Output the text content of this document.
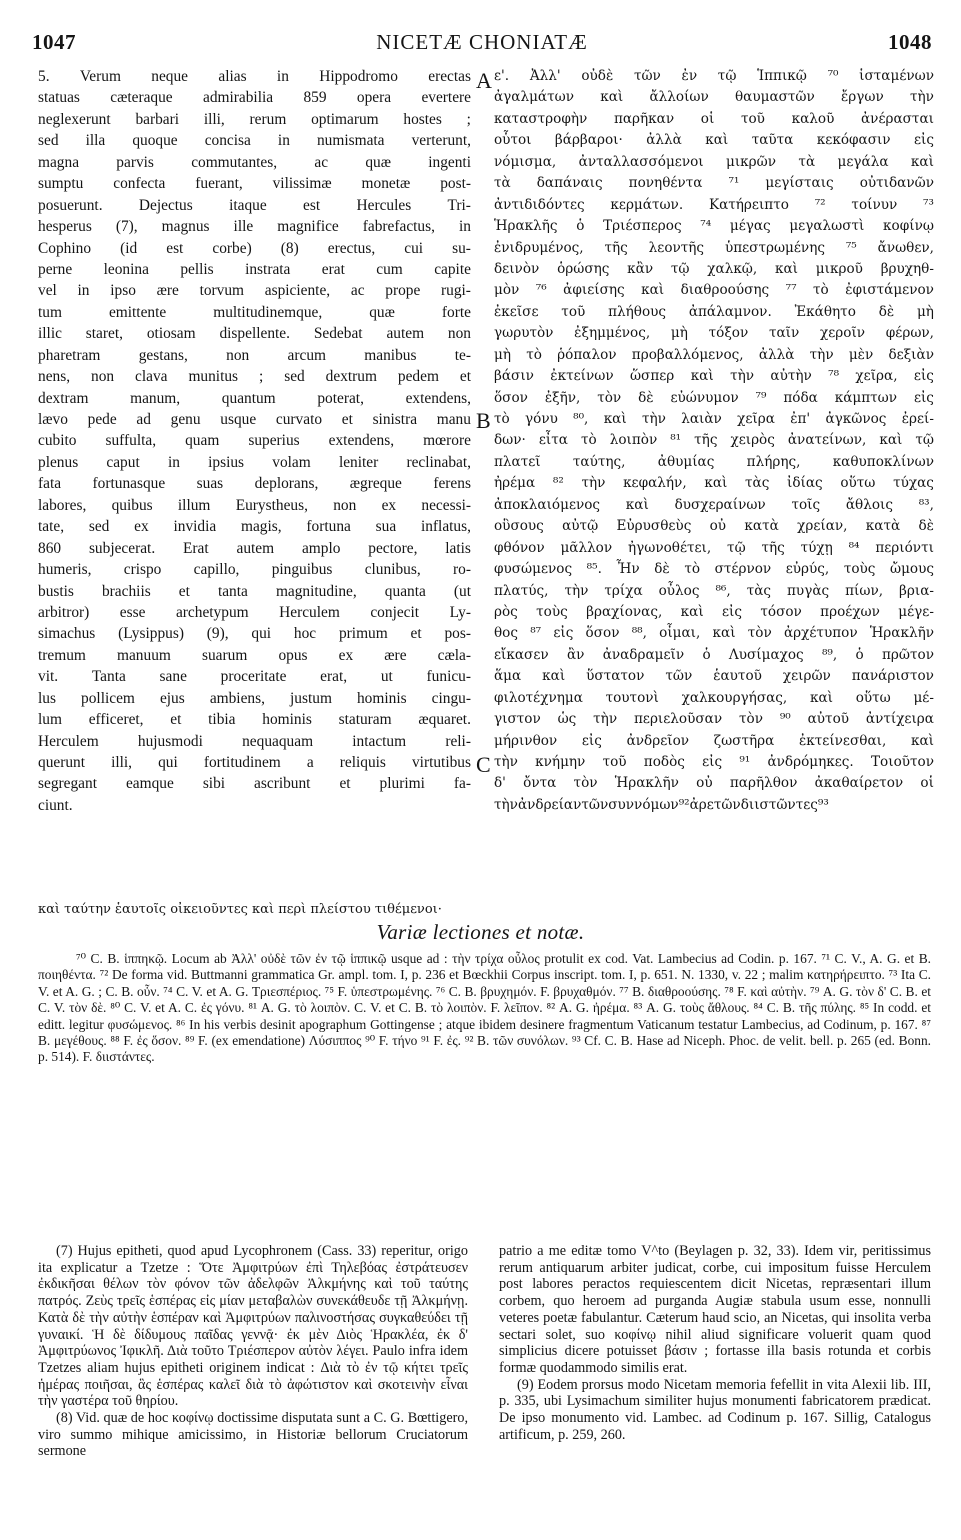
1047	NICETÆ CHONIATÆ	1048
5. Verum neque alias in Hippodromo erectas
statuas cæteraque admirabilia 859 opera evertere
neglexerunt barbari illi, rerum optimarum hostes ;
sed illa quoque concisa in numismata verterunt,
magna parvis commutantes, ac quæ ingenti
sumptu confecta fuerant, vilissimæ monetæ post-
posuerunt. Dejectus itaque est Hercules Tri-
hesperus (7), magnus ille magnifice fabrefactus, in
Cophino (id est corbe) (8) erectus, cui su-
perne leonina pellis instrata erat cum capite
vel in ipso ære torvum aspiciente, ac prope rugi-
tum	emittente	multitudinemque,	quæ	forte
illic staret, otiosam dispellente. Sedebat autem non
pharetram gestans, non arcum manibus te-
nens, non clava munitus ; sed dextrum pedem et
dextram	manum,	quantum	poterat,	extendens,
lævo pede ad genu usque curvato et sinistra manu
cubito suffulta, quam superius extendens, mœrore
plenus caput in ipsius volam leniter reclinabat,
fata fortunasque suas deplorans, ægreque ferens
labores, quibus illum Eurystheus, non ex necessi-
tate, sed ex invidia magis, fortuna sua inflatus,
860 subjecerat. Erat autem amplo pectore, latis
humeris, crispo capillo, pinguibus clunibus, ro-
bustis brachiis et tanta magnitudine, quanta (ut
arbitror) esse archetypum Herculem conjecit Ly-
simachus (Lysippus) (9), qui hoc primum et pos-
tremum manuum suarum opus ex ære cæla-
vit. Tanta sane proceritate erat, ut funicu-
lus pollicem ejus ambiens, justum hominis cingu-
lum efficeret, et tibia hominis staturam æquaret.
Herculem	hujusmodi	nequaquam	intactum	reli-
querunt illi, qui fortitudinem a reliquis virtutibus
segregant eamque sibi ascribunt et plurimi fa-
ciunt.
ε'. Ἀλλ' οὐδὲ τῶν ἐν τῷ Ἱππικῷ ⁷⁰ ἱσταμένων
ἀγαλμάτων καὶ ἄλλοίων θαυμαστῶν ἔργων τὴν
καταστροφὴν παρῆκαν οἱ τοῦ καλοῦ ἀνέρασται
οὗτοι βάρβαροι· ἀλλὰ καὶ ταῦτα κεκόφασιν εἰς
νόμισμα, ἀνταλλασσόμενοι μικρῶν τὰ μεγάλα καὶ
τὰ δαπάναις πονηθέντα ⁷¹ μεγίσταις οὐτιδανῶν
ἀντιδιδόντες κερμάτων. Κατήρειπτο ⁷² τοίνυν ⁷³
Ἡρακλῆς ὁ Τριέσπερος ⁷⁴ μέγας μεγαλωστὶ κοφίνῳ
ἐνιδρυμένος, τῆς λεοντῆς ὑπεστρωμένης ⁷⁵ ἄνωθεν,
δεινὸν ὁρώσης κἂν τῷ χαλκῷ, καὶ μικροῦ βρυχηθ-
μὸν ⁷⁶ ἀφιείσης καὶ διαθροούσης ⁷⁷ τὸ ἐφιστάμενον
ἐκεῖσε τοῦ πλήθους ἀπάλαμνον. Ἐκάθητο δὲ μὴ
γωρυτὸν ἐξημμένος, μὴ τόξον ταῖν χεροῖν φέρων,
μὴ τὸ ῥόπαλον προβαλλόμενος, ἀλλὰ τὴν μὲν δεξιὰν
βάσιν ἐκτείνων ὥσπερ καὶ τὴν αὐτὴν ⁷⁸ χεῖρα, εἰς
ὅσον ἐξῆν, τὸν δὲ εὐώνυμον ⁷⁹ πόδα κάμπτων εἰς
τὸ γόνυ ⁸⁰, καὶ τὴν λαιὰν χεῖρα ἐπ' ἀγκῶνος ἐρεί-
δων· εἶτα τὸ λοιπὸν ⁸¹ τῆς χειρὸς ἀνατείνων, καὶ τῷ
πλατεῖ ταύτης, ἀθυμίας πλήρης, καθυποκλίνων
ἠρέμα ⁸² τὴν κεφαλήν, καὶ τὰς ἰδίας οὕτω τύχας
ἀποκλαιόμενος καὶ δυσχεραίνων τοῖς ἄθλοις ⁸³,
οὓσους αὐτῷ Εὐρυσθεὺς οὐ κατὰ χρείαν, κατὰ δὲ
φθόνον μᾶλλον ἠγωνοθέτει, τῷ τῆς τύχῃ ⁸⁴ περιόντι
φυσώμενος ⁸⁵. Ἦν δὲ τὸ στέρνον εὐρύς, τοὺς ὤμους
πλατύς, τὴν τρίχα οὖλος ⁸⁶, τὰς πυγὰς πίων, βρια-
ρὸς τοὺς βραχίονας, καὶ εἰς τόσον προέχων μέγε-
θος ⁸⁷ εἰς ὅσον ⁸⁸, οἶμαι, καὶ τὸν ἀρχέτυπον Ἡρακλῆν
εἴκασεν ἂν ἀναδραμεῖν ὁ Λυσίμαχος ⁸⁹, ὁ πρῶτον
ἅμα καὶ ὕστατον τῶν ἑαυτοῦ χειρῶν πανάριστον
φιλοτέχνημα τουτονὶ χαλκουργήσας, καὶ οὕτω μέ-
γιστον ὡς τὴν περιελοῦσαν τὸν ⁹⁰ αὐτοῦ ἀντίχειρα
μήρινθον εἰς ἀνδρεῖον ζωστῆρα ἐκτείνεσθαι, καὶ
τὴν κνήμην τοῦ ποδὸς εἰς ⁹¹ ἀνδρόμηκες. Τοιοῦτον
δ' ὄντα τὸν Ἡρακλῆν οὐ παρῆλθον ἀκαθαίρετον οἱ
τὴν ἀνδρείαν τῶν συννόμων ⁹² ἀρετῶν διιστῶντες ⁹³
A
B
C
καὶ ταύτην ἑαυτοῖς οἰκειοῦντες καὶ περὶ πλείστου τιθέμενοι·
Variæ lectiones et notæ.

⁷⁰ C. B. ἱππηκῷ. Locum ab Ἀλλ' οὐδὲ τῶν ἐν τῷ ἱππικῷ usque ad : τὴν τρίχα οὖλος protulit ex cod. Vat. Lambecius ad Codin. p. 167. ⁷¹ C. V., A. G. et B. ποιηθέντα. ⁷² De forma vid. Buttmanni grammatica Gr. ampl. tom. I, p. 236 et Bœckhii Corpus inscript. tom. I, p. 651. N. 1330, v. 22 ; malim κατηρήρειπτο. ⁷³ Ita C. V. et A. G. ; C. B. οὖν. ⁷⁴ C. V. et A. G. Τριεσπέριος. ⁷⁵ F. ὑπεστρωμένης. ⁷⁶ C. B. βρυχημόν. F. βρυχαθμόν. ⁷⁷ B. διαθροούσης. ⁷⁸ F. καὶ αὐτὴν. ⁷⁹ A. G. τὸν δ' C. B. et C. V. τὸν δὲ. ⁸⁰ C. V. et A. C. ἐς γόνυ. ⁸¹ A. G. τὸ λοιπὸν. C. V. et C. B. τὸ λοιπὸν. F. λεῖπον. ⁸² A. G. ἠρέμα. ⁸³ A. G. τοὺς ἄθλους. ⁸⁴ C. B. τῆς πύλης. ⁸⁵ In codd. et editt. legitur φυσώμενος. ⁸⁶ In his verbis desinit apographum Gottingense ; atque ibidem desinere fragmentum Vaticanum testatur Lambecius, ad Codinum, p. 167. ⁸⁷ B. μεγέθους. ⁸⁸ F. ἐς ὅσον. ⁸⁹ F. (ex emendatione) Λύσιππος ⁹⁰ F. τήνο ⁹¹ F. ἐς. ⁹² B. τῶν συνόλων. ⁹³ Cf. C. B. Hase ad Niceph. Phoc. de velit. bell. p. 265 (ed. Bonn. p. 514). F. διιστάντες.

(7) Hujus epitheti, quod apud Lycophronem (Cass. 33) reperitur, origo ita explicatur a Tzetze : Ὅτε Ἀμφιτρύων ἐπὶ Τηλεβόας ἐστράτευσεν ἐκδικῆσαι θέλων τὸν φόνον τῶν ἀδελφῶν Ἀλκμήνης καὶ τοῦ ταύτης πατρός. Ζεὺς τρεῖς ἑσπέρας εἰς μίαν μεταβαλὼν συνεκάθευδε τῇ Ἀλκμήνῃ. Κατὰ δὲ τὴν αὐτὴν ἑσπέραν καὶ Ἀμφιτρύων παλινοστήσας συγκαθεύδει τῇ γυναικί. Ἡ δὲ δίδυμους παῖδας γεννᾷ· ἐκ μὲν Διὸς Ἡρακλέα, ἐκ δ' Ἀμφιτρύωνος Ἰφικλῆ. Διὰ τοῦτο Τριέσπερον αὐτὸν λέγει. Paulo infra idem Tzetzes aliam hujus epitheti originem indicat : Διὰ τὸ ἐν τῷ κήτει τρεῖς ἡμέρας ποιῆσαι, ἃς ἑσπέρας καλεῖ διὰ τὸ ἀφώτιστον καὶ σκοτεινὴν εἶναι τὴν γαστέρα τοῦ θηρίου.

(8) Vid. quæ de hoc κοφίνῳ doctissime disputata sunt a C. G. Bœttigero, viro summo mihique amicissimo, in Historiæ bellorum Cruciatorum sermone

patrio a me editæ tomo V^to (Beylagen p. 32, 33). Idem vir, peritissimus rerum antiquarum arbiter judicat, corbe, cui impositum fuisse Herculem post labores peractos requiescentem dicit Nicetas, repræsentari illum corbem, quo heroem ad purganda Augiæ stabula usum esse, nonnulli veteres poetæ fabulantur. Cæterum haud scio, an Nicetas, qui insolita verba sectari solet, suo κοφίνῳ nihil aliud significare voluerit quam quod simplicius dicere potuisset βάσιν ; fortasse illa basis rotunda et corbis formæ quodammodo similis erat.

(9) Eodem prorsus modo Nicetam memoria fefellit in vita Alexii lib. III, p. 335, ubi Lysimachum similiter hujus monumenti fabricatorem prædicat. De ipso monumento vid. Lambec. ad Codinum p. 167. Sillig, Catalogus artificum, p. 259, 260.
